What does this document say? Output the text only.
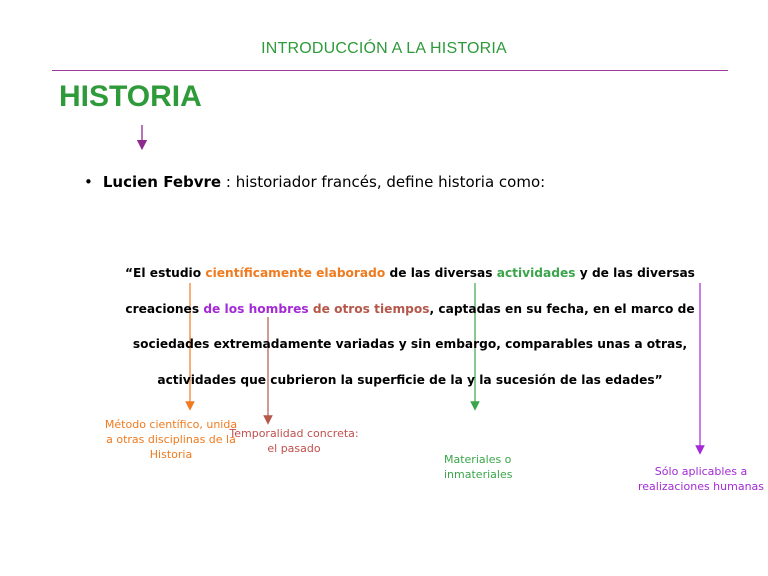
INTRODUCCIÓN A LA HISTORIA
HISTORIA
• Lucien Febvre : historiador francés, define historia como:
“El estudio científicamente elaborado de las diversas actividades y de las diversas creaciones de los hombres de otros tiempos, captadas en su fecha, en el marco de sociedades extremadamente variadas y sin embargo, comparables unas a otras, actividades que cubrieron la superficie de la y la sucesión de las edades”
Método científico, unida a otras disciplinas de la Historia
Temporalidad concreta: el pasado
Materiales o inmateriales	Sólo aplicables a realizaciones humanas
